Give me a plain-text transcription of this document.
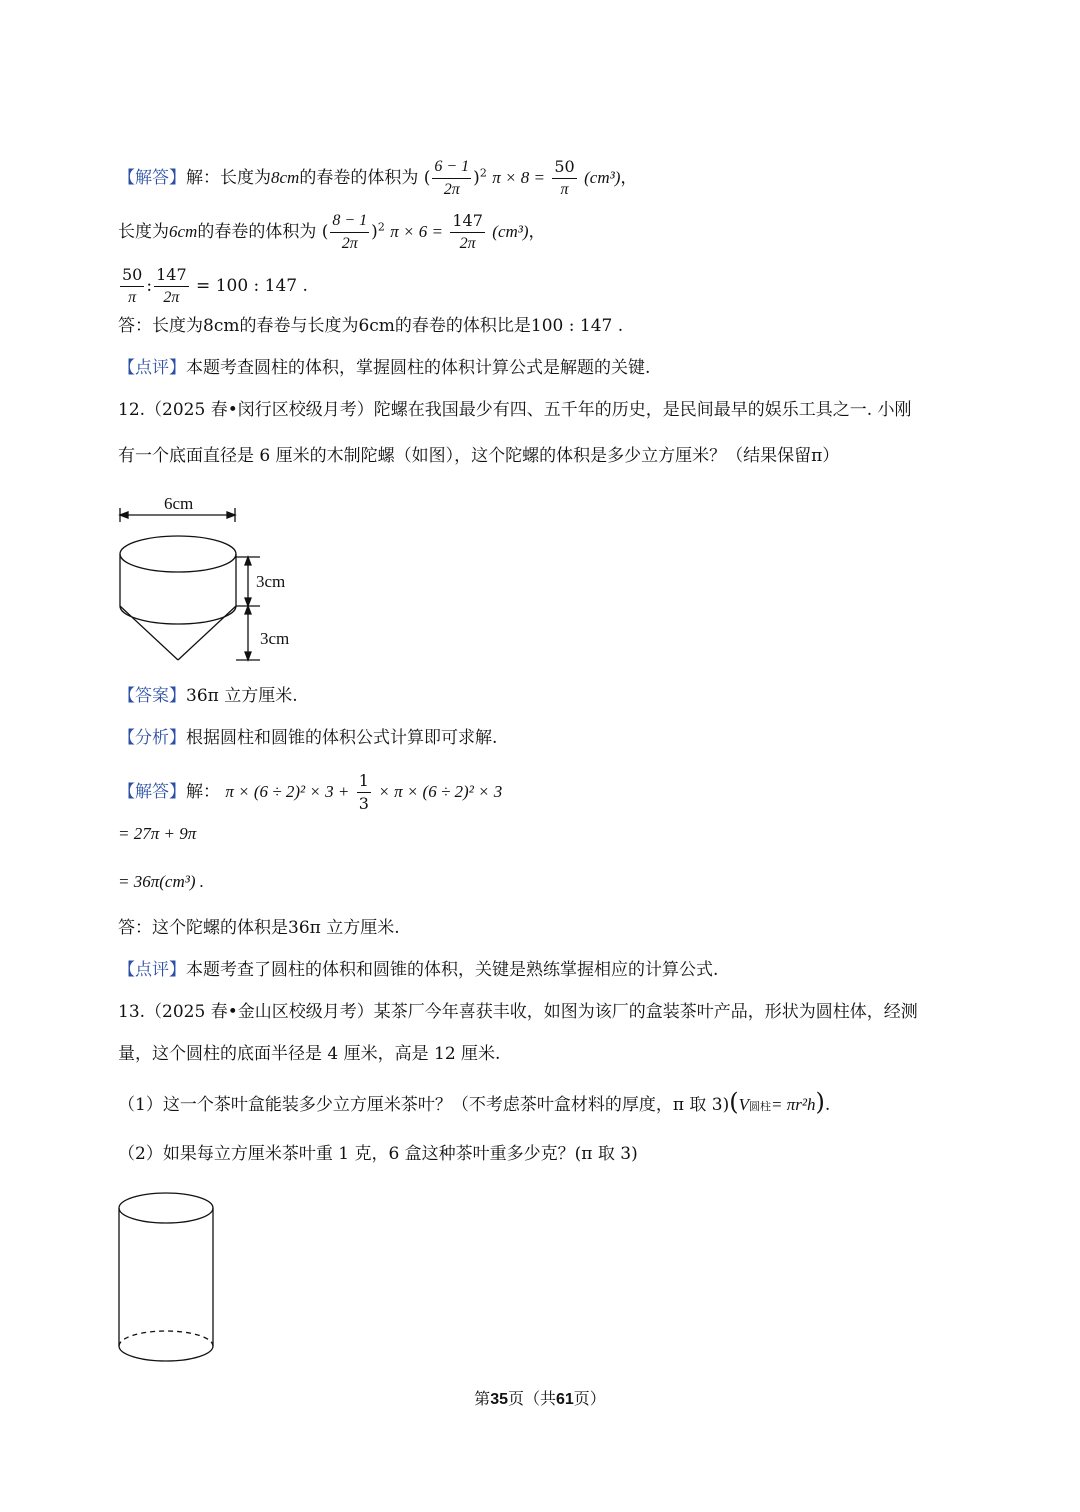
【解答】解：长度为8cm的春卷的体积为 ( $\frac{6 - 1}{2\pi} )^2$ $\pi \times 8 = \frac{50}{\pi} (cm^3)$，
长度为6cm的春卷的体积为 ( $\frac{8 - 1}{2\pi} )^2$ $\pi \times 6 = \frac{147}{2\pi} (cm^3)$，
$\frac{50}{\pi}$ : $\frac{147}{2\pi} = 100$ : 147 .
答：长度为8cm的春卷与长度为6cm的春卷的体积比是100 : 147 .
【点评】本题考查圆柱的体积，掌握圆柱的体积计算公式是解题的关键.
12.（2025 春•闵行区校级月考）陀螺在我国最少有四、五千年的历史，是民间最早的娱乐工具之一. 小刚
有一个底面直径是 6 厘米的木制陀螺（如图），这个陀螺的体积是多少立方厘米？（结果保留π）
6cm
3cm
3cm
【答案】36π 立方厘米.
【分析】根据圆柱和圆锥的体积公式计算即可求解.
【解答】解： $\pi \times (6 \div 2)^2 \times 3 + \frac{1}{3} \times \pi \times (6 \div 2)^2 \times 3$
= 27π + 9π
= 36π(cm³) .
答：这个陀螺的体积是36π 立方厘米.
【点评】本题考查了圆柱的体积和圆锥的体积，关键是熟练掌握相应的计算公式.
13.（2025 春•金山区校级月考）某茶厂今年喜获丰收，如图为该厂的盒装茶叶产品，形状为圆柱体，经测
量，这个圆柱的底面半径是 4 厘米，高是 12 厘米.
（1）这一个茶叶盒能装多少立方厘米茶叶？（不考虑茶叶盒材料的厚度，π 取 3)(V圆柱= πr²h).
（2）如果每立方厘米茶叶重 1 克，6 盒这种茶叶重多少克？(π 取 3)
第35页（共61页）
